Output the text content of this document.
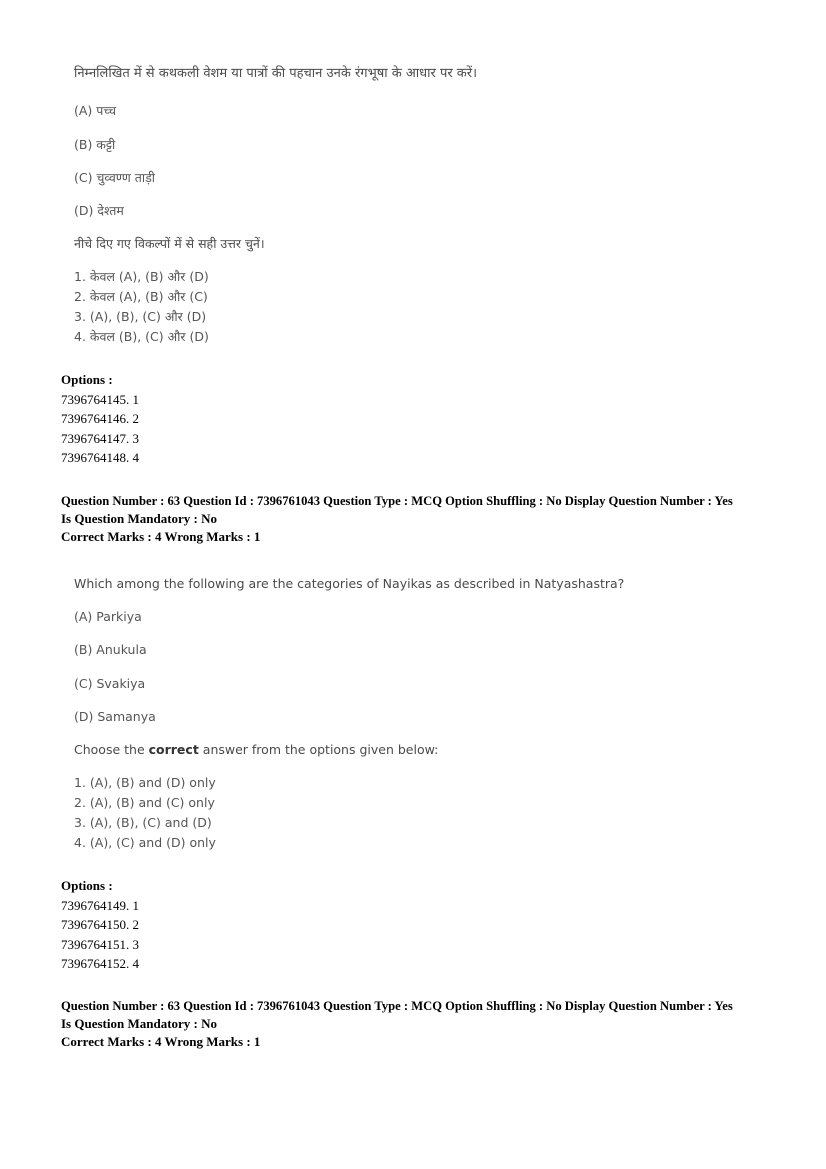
निम्नलिखित में से कथकली वेशम या पात्रों की पहचान उनके रंगभूषा के आधार पर करें।

(A) पच्च

(B) कट्टी

(C) चुव्वण्ण ताड़ी

(D) देश्तम

नीचे दिए गए विकल्पों में से सही उत्तर चुनें।

1. केवल (A), (B) और (D)

2. केवल (A), (B) और (C)

3. (A), (B), (C) और (D)

4. केवल (B), (C) और (D)

Options :

7396764145. 1

7396764146. 2

7396764147. 3

7396764148. 4

Question Number : 63 Question Id : 7396761043 Question Type : MCQ Option Shuffling : No Display Question Number : Yes

Is Question Mandatory : No

Correct Marks : 4 Wrong Marks : 1

Which among the following are the categories of Nayikas as described in Natyashastra?

(A) Parkiya

(B) Anukula

(C) Svakiya

(D) Samanya

Choose the correct answer from the options given below:

1. (A), (B) and (D) only

2. (A), (B) and (C) only

3. (A), (B), (C) and (D)

4. (A), (C) and (D) only

Options :

7396764149. 1

7396764150. 2

7396764151. 3

7396764152. 4

Question Number : 63 Question Id : 7396761043 Question Type : MCQ Option Shuffling : No Display Question Number : Yes

Is Question Mandatory : No

Correct Marks : 4 Wrong Marks : 1
